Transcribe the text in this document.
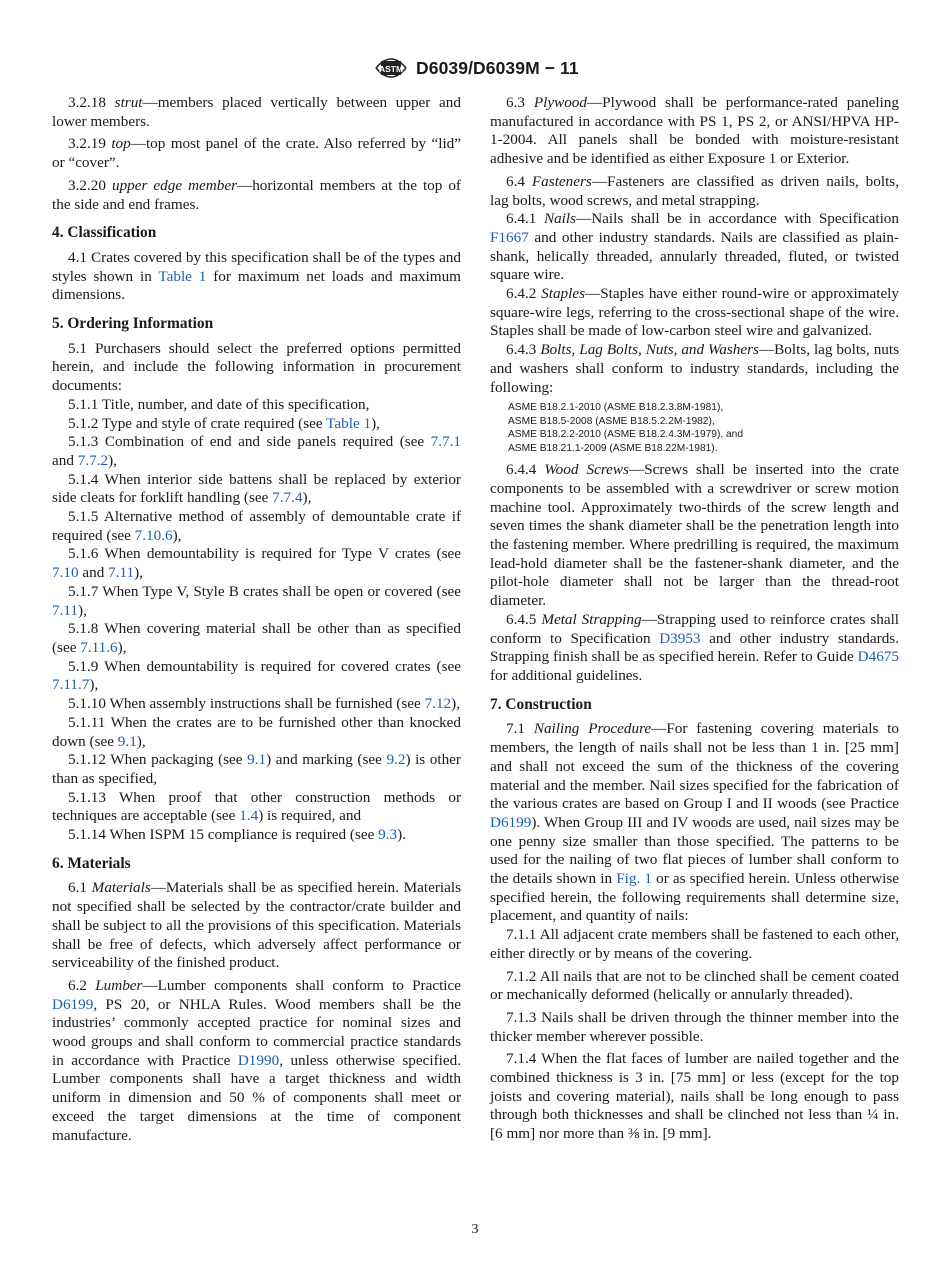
ASTM D6039/D6039M − 11

3.2.18 strut—members placed vertically between upper and lower members.

3.2.19 top—top most panel of the crate. Also referred by “lid” or “cover”.

3.2.20 upper edge member—horizontal members at the top of the side and end frames.

4. Classification

4.1 Crates covered by this specification shall be of the types and styles shown in Table 1 for maximum net loads and maximum dimensions.

5. Ordering Information

5.1 Purchasers should select the preferred options permitted herein, and include the following information in procurement documents:

5.1.1 Title, number, and date of this specification,

5.1.2 Type and style of crate required (see Table 1),

5.1.3 Combination of end and side panels required (see 7.7.1 and 7.7.2),

5.1.4 When interior side battens shall be replaced by exterior side cleats for forklift handling (see 7.7.4),

5.1.5 Alternative method of assembly of demountable crate if required (see 7.10.6),

5.1.6 When demountability is required for Type V crates (see 7.10 and 7.11),

5.1.7 When Type V, Style B crates shall be open or covered (see 7.11),

5.1.8 When covering material shall be other than as specified (see 7.11.6),

5.1.9 When demountability is required for covered crates (see 7.11.7),

5.1.10 When assembly instructions shall be furnished (see 7.12),

5.1.11 When the crates are to be furnished other than knocked down (see 9.1),

5.1.12 When packaging (see 9.1) and marking (see 9.2) is other than as specified,

5.1.13 When proof that other construction methods or techniques are acceptable (see 1.4) is required, and

5.1.14 When ISPM 15 compliance is required (see 9.3).

6. Materials

6.1 Materials—Materials shall be as specified herein. Materials not specified shall be selected by the contractor/crate builder and shall be subject to all the provisions of this specification. Materials shall be free of defects, which adversely affect performance or serviceability of the finished product.

6.2 Lumber—Lumber components shall conform to Practice D6199, PS 20, or NHLA Rules. Wood members shall be the industries’ commonly accepted practice for nominal sizes and wood groups and shall conform to commercial practice standards in accordance with Practice D1990, unless otherwise specified. Lumber components shall have a target thickness and width uniform in dimension and 50 % of components shall meet or exceed the target dimensions at the time of component manufacture.

6.3 Plywood—Plywood shall be performance-rated paneling manufactured in accordance with PS 1, PS 2, or ANSI/HPVA HP-1-2004. All panels shall be bonded with moisture-resistant adhesive and be identified as either Exposure 1 or Exterior.

6.4 Fasteners—Fasteners are classified as driven nails, bolts, lag bolts, wood screws, and metal strapping.

6.4.1 Nails—Nails shall be in accordance with Specification F1667 and other industry standards. Nails are classified as plain-shank, helically threaded, annularly threaded, fluted, or twisted square wire.

6.4.2 Staples—Staples have either round-wire or approximately square-wire legs, referring to the cross-sectional shape of the wire. Staples shall be made of low-carbon steel wire and galvanized.

6.4.3 Bolts, Lag Bolts, Nuts, and Washers—Bolts, lag bolts, nuts and washers shall conform to industry standards, including the following:

ASME B18.2.1-2010 (ASME B18.2.3.8M-1981),
ASME B18.5-2008 (ASME B18.5.2.2M-1982),
ASME B18.2.2-2010 (ASME B18.2.4.3M-1979), and
ASME B18.21.1-2009 (ASME B18.22M-1981).

6.4.4 Wood Screws—Screws shall be inserted into the crate components to be assembled with a screwdriver or screw motion machine tool. Approximately two-thirds of the screw length and seven times the shank diameter shall be the penetration length into the fastening member. Where predrilling is required, the maximum lead-hold diameter shall be the fastener-shank diameter, and the pilot-hole diameter shall not be larger than the thread-root diameter.

6.4.5 Metal Strapping—Strapping used to reinforce crates shall conform to Specification D3953 and other industry standards. Strapping finish shall be as specified herein. Refer to Guide D4675 for additional guidelines.

7. Construction

7.1 Nailing Procedure—For fastening covering materials to members, the length of nails shall not be less than 1 in. [25 mm] and shall not exceed the sum of the thickness of the covering material and the member. Nail sizes specified for the fabrication of the various crates are based on Group I and II woods (see Practice D6199). When Group III and IV woods are used, nail sizes may be one penny size smaller than those specified. The patterns to be used for the nailing of two flat pieces of lumber shall conform to the details shown in Fig. 1 or as specified herein. Unless otherwise specified herein, the following requirements shall determine size, placement, and quantity of nails:

7.1.1 All adjacent crate members shall be fastened to each other, either directly or by means of the covering.

7.1.2 All nails that are not to be clinched shall be cement coated or mechanically deformed (helically or annularly threaded).

7.1.3 Nails shall be driven through the thinner member into the thicker member wherever possible.

7.1.4 When the flat faces of lumber are nailed together and the combined thickness is 3 in. [75 mm] or less (except for the top joists and covering material), nails shall be long enough to pass through both thicknesses and shall be clinched not less than ¼ in. [6 mm] nor more than ⅜ in. [9 mm].

3
